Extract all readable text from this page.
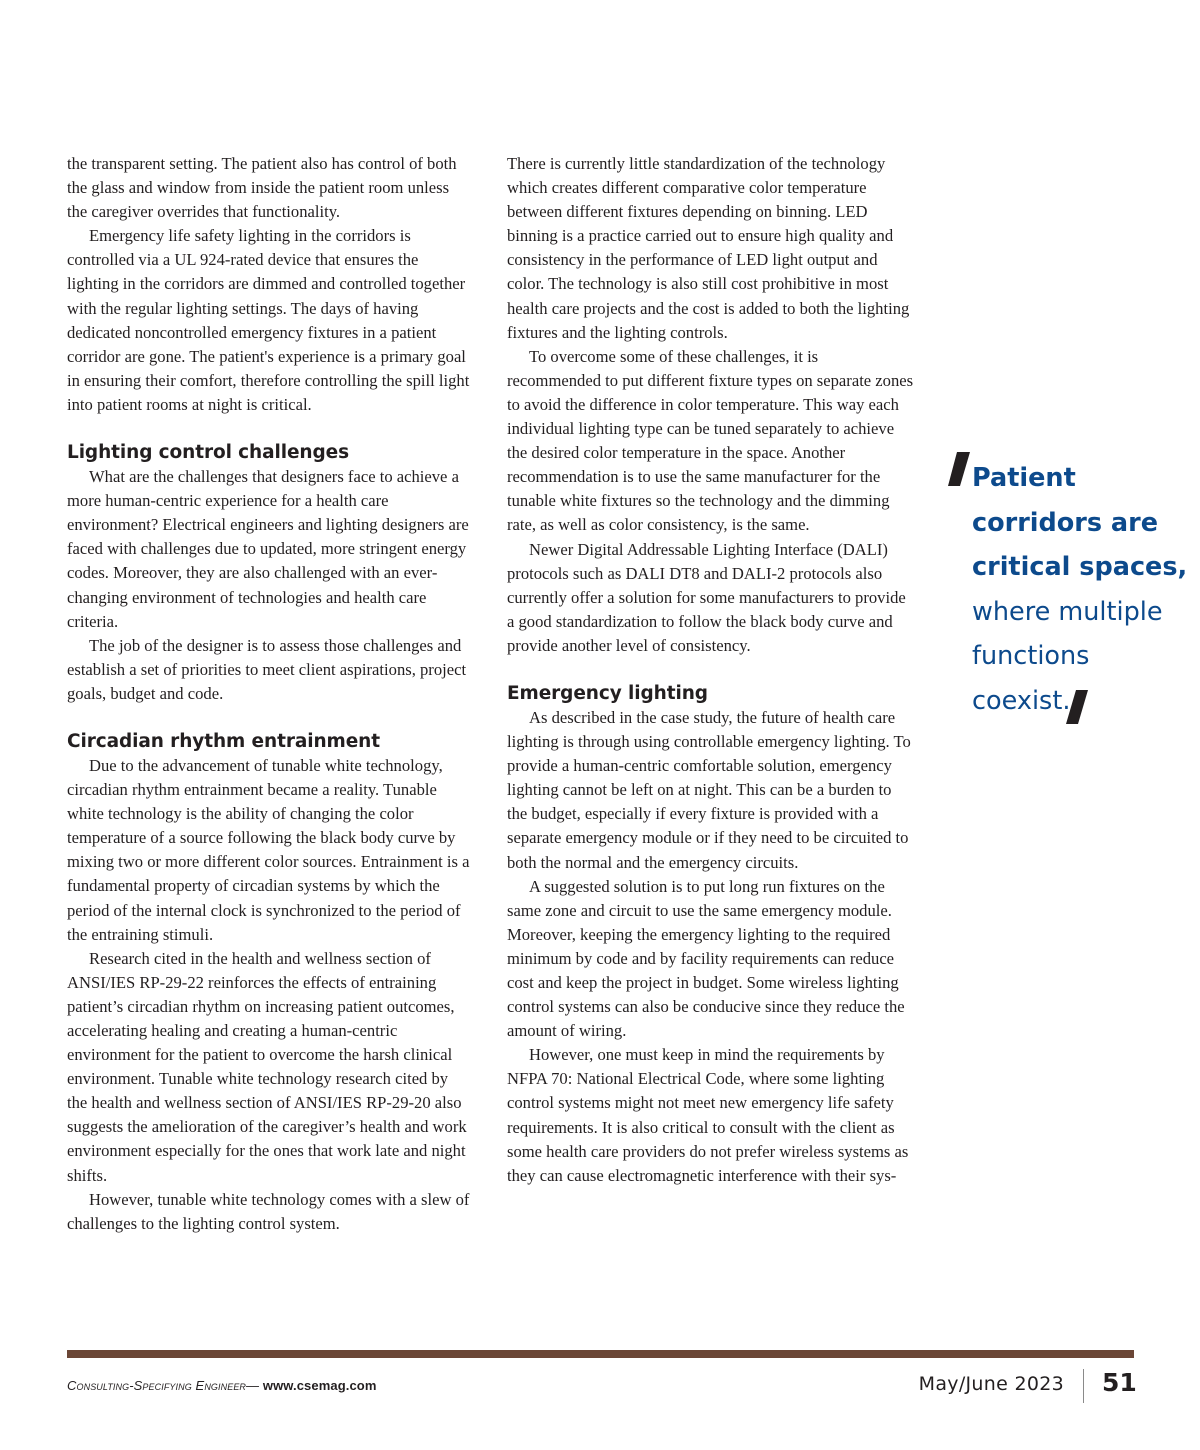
the transparent setting. The patient also has control of both the glass and window from inside the patient room unless the caregiver overrides that functionality.

Emergency life safety lighting in the corridors is controlled via a UL 924-rated device that ensures the lighting in the corridors are dimmed and controlled together with the regular lighting settings. The days of having dedicated noncontrolled emergency fixtures in a patient corridor are gone. The patient's experience is a primary goal in ensuring their comfort, therefore controlling the spill light into patient rooms at night is critical.

Lighting control challenges

What are the challenges that designers face to achieve a more human-centric experience for a health care environment? Electrical engineers and lighting designers are faced with challenges due to updated, more stringent energy codes. Moreover, they are also challenged with an ever-changing environment of technologies and health care criteria.

The job of the designer is to assess those challenges and establish a set of priorities to meet client aspirations, project goals, budget and code.

Circadian rhythm entrainment

Due to the advancement of tunable white technology, circadian rhythm entrainment became a reality. Tunable white technology is the ability of changing the color temperature of a source following the black body curve by mixing two or more different color sources. Entrainment is a fundamental property of circadian systems by which the period of the internal clock is synchronized to the period of the entraining stimuli.

Research cited in the health and wellness section of ANSI/IES RP-29-22 reinforces the effects of entraining patient’s circadian rhythm on increasing patient outcomes, accelerating healing and creating a human-centric environment for the patient to overcome the harsh clinical environment. Tunable white technology research cited by the health and wellness section of ANSI/IES RP-29-20 also suggests the amelioration of the caregiver’s health and work environment especially for the ones that work late and night shifts.

However, tunable white technology comes with a slew of challenges to the lighting control system.

There is currently little standardization of the technology which creates different comparative color temperature between different fixtures depending on binning. LED binning is a practice carried out to ensure high quality and consistency in the performance of LED light output and color. The technology is also still cost prohibitive in most health care projects and the cost is added to both the lighting fixtures and the lighting controls.

To overcome some of these challenges, it is recommended to put different fixture types on separate zones to avoid the difference in color temperature. This way each individual lighting type can be tuned separately to achieve the desired color temperature in the space. Another recommendation is to use the same manufacturer for the tunable white fixtures so the technology and the dimming rate, as well as color consistency, is the same.

Newer Digital Addressable Lighting Interface (DALI) protocols such as DALI DT8 and DALI-2 protocols also currently offer a solution for some manufacturers to provide a good standardization to follow the black body curve and provide another level of consistency.

Emergency lighting

As described in the case study, the future of health care lighting is through using controllable emergency lighting. To provide a human-centric comfortable solution, emergency lighting cannot be left on at night. This can be a burden to the budget, especially if every fixture is provided with a separate emergency module or if they need to be circuited to both the normal and the emergency circuits.

A suggested solution is to put long run fixtures on the same zone and circuit to use the same emergency module. Moreover, keeping the emergency lighting to the required minimum by code and by facility requirements can reduce cost and keep the project in budget. Some wireless lighting control systems can also be conducive since they reduce the amount of wiring.

However, one must keep in mind the requirements by NFPA 70: National Electrical Code, where some lighting control systems might not meet new emergency life safety requirements. It is also critical to consult with the client as some health care providers do not prefer wireless systems as they can cause electromagnetic interference with their sys-

Patient
corridors are
critical spaces,
where multiple
functions
coexist.
Consulting-Specifying Engineer— www.csemag.com	May/June 2023 51
